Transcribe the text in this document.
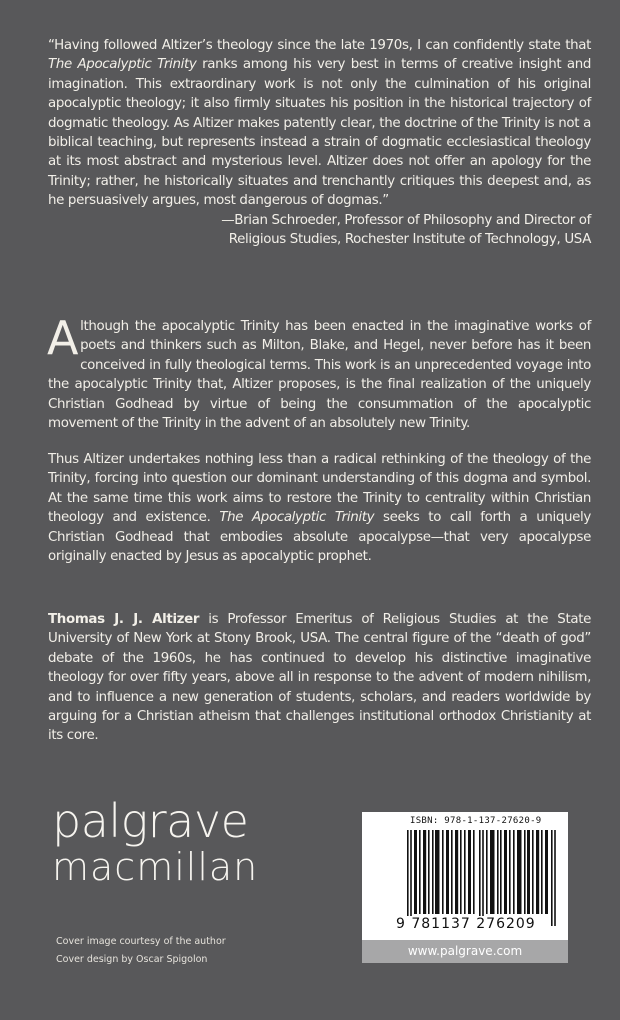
“Having followed Altizer’s theology since the late 1970s, I can confidently state that The Apocalyptic Trinity ranks among his very best in terms of creative insight and imagination. This extraordinary work is not only the culmination of his original apocalyptic theology; it also firmly situates his position in the historical trajectory of dogmatic theology. As Altizer makes patently clear, the doctrine of the Trinity is not a biblical teaching, but represents instead a strain of dogmatic ecclesiastical theology at its most abstract and mysterious level. Altizer does not offer an apology for the Trinity; rather, he historically situates and trenchantly critiques this deepest and, as he persuasively argues, most dangerous of dogmas.”

—Brian Schroeder, Professor of Philosophy and Director of

Religious Studies, Rochester Institute of Technology, USA

Although the apocalyptic Trinity has been enacted in the imaginative works of poets and thinkers such as Milton, Blake, and Hegel, never before has it been conceived in fully theological terms. This work is an unprecedented voyage into the apocalyptic Trinity that, Altizer proposes, is the final realization of the uniquely Christian Godhead by virtue of being the consummation of the apocalyptic movement of the Trinity in the advent of an absolutely new Trinity.

Thus Altizer undertakes nothing less than a radical rethinking of the theology of the Trinity, forcing into question our dominant understanding of this dogma and symbol. At the same time this work aims to restore the Trinity to centrality within Christian theology and existence. The Apocalyptic Trinity seeks to call forth a uniquely Christian Godhead that embodies absolute apocalypse—that very apocalypse originally enacted by Jesus as apocalyptic prophet.

Thomas J. J. Altizer is Professor Emeritus of Religious Studies at the State University of New York at Stony Brook, USA. The central figure of the “death of god” debate of the 1960s, he has continued to develop his distinctive imaginative theology for over fifty years, above all in response to the advent of modern nihilism, and to influence a new generation of students, scholars, and readers worldwide by arguing for a Christian atheism that challenges institutional orthodox Christianity at its core.

palgrave
macmillan
Cover image courtesy of the author
Cover design by Oscar Spigolon
ISBN: 978-1-137-27620-9
9 781137 276209
www.palgrave.com
